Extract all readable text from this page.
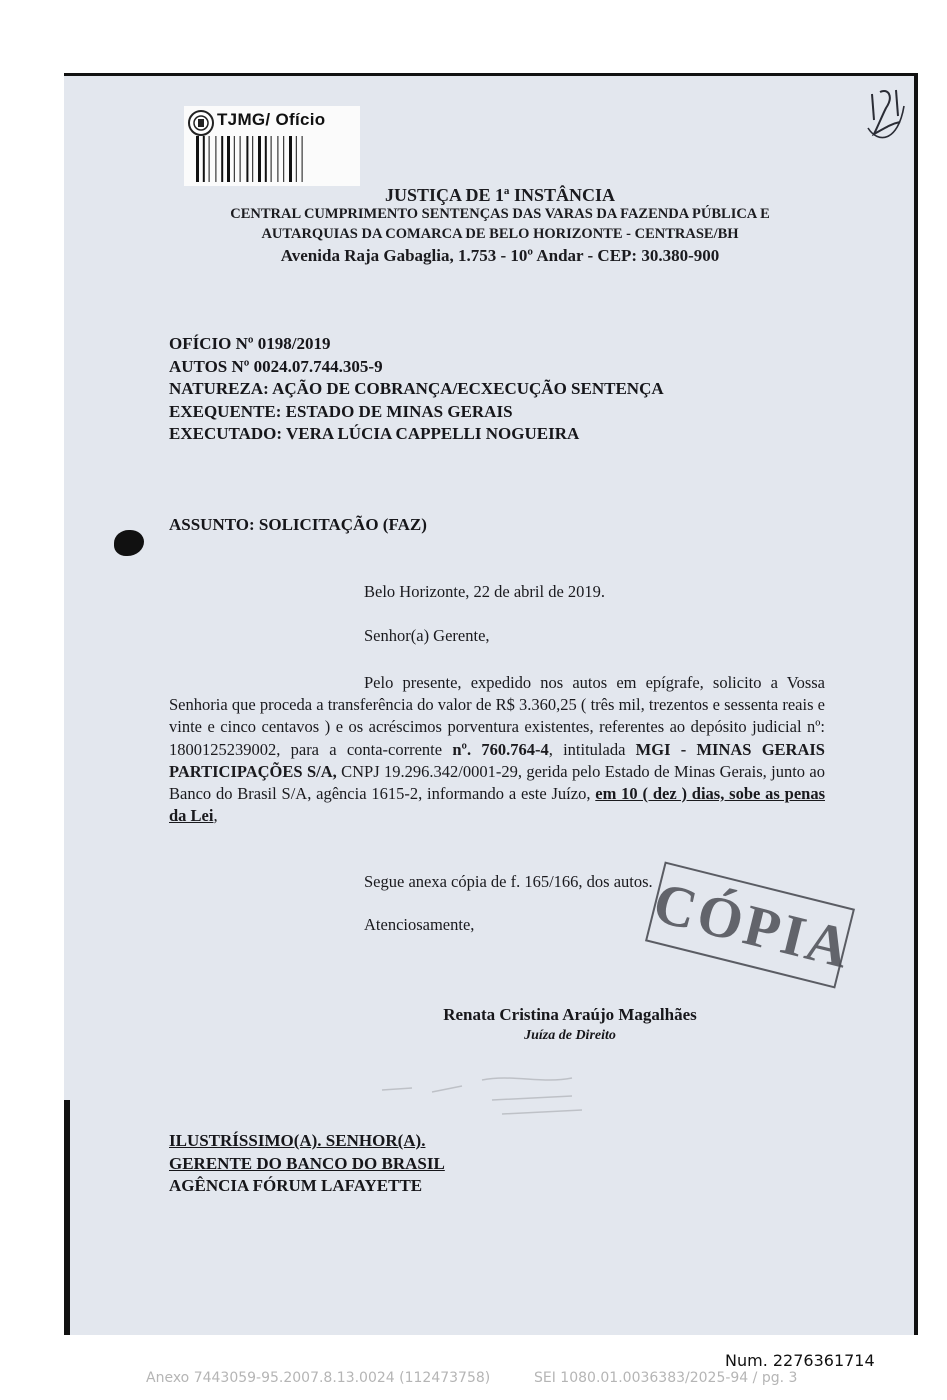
TJMG/ Ofício
JUSTIÇA DE 1ª INSTÂNCIA
CENTRAL CUMPRIMENTO SENTENÇAS DAS VARAS DA FAZENDA PÚBLICA E
AUTARQUIAS DA COMARCA DE BELO HORIZONTE - CENTRASE/BH
Avenida Raja Gabaglia, 1.753 - 10º Andar - CEP: 30.380-900
OFÍCIO Nº 0198/2019
AUTOS Nº 0024.07.744.305-9
NATUREZA: AÇÃO DE COBRANÇA/ECXECUÇÃO SENTENÇA
EXEQUENTE: ESTADO DE MINAS GERAIS
EXECUTADO: VERA LÚCIA CAPPELLI NOGUEIRA
ASSUNTO: SOLICITAÇÃO (FAZ)
Belo Horizonte, 22 de abril de 2019.
Senhor(a) Gerente,
Pelo presente, expedido nos autos em epígrafe, solicito a Vossa Senhoria que proceda a transferência do valor de R$ 3.360,25 ( três mil, trezentos e sessenta reais e vinte e cinco centavos ) e os acréscimos porventura existentes, referentes ao depósito judicial nº: 1800125239002, para a conta-corrente nº. 760.764-4, intitulada MGI - MINAS GERAIS PARTICIPAÇÕES S/A, CNPJ 19.296.342/0001-29, gerida pelo Estado de Minas Gerais, junto ao Banco do Brasil S/A, agência 1615-2, informando a este Juízo, em 10 ( dez ) dias, sobe as penas da Lei,
Segue anexa cópia de f. 165/166, dos autos.
Atenciosamente,	CÓPIA
Renata Cristina Araújo Magalhães
Juíza de Direito
ILUSTRÍSSIMO(A). SENHOR(A).
GERENTE DO BANCO DO BRASIL
AGÊNCIA FÓRUM LAFAYETTE
Num. 2276361714
Anexo 7443059-95.2007.8.13.0024 (112473758)	SEI 1080.01.0036383/2025-94 / pg. 3
